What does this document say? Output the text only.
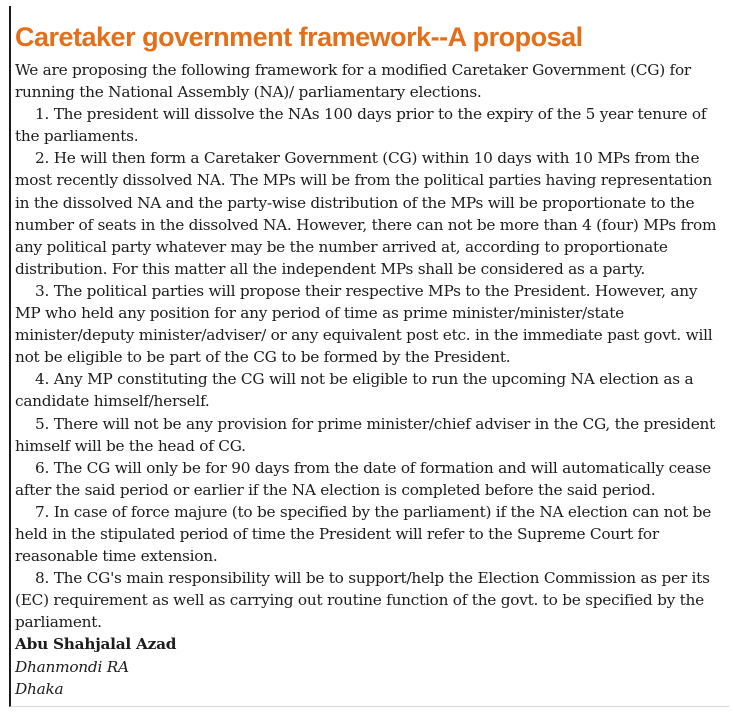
Caretaker government framework--A proposal

We are proposing the following framework for a modified Caretaker Government (CG) for running the National Assembly (NA)/ parliamentary elections.

1. The president will dissolve the NAs 100 days prior to the expiry of the 5 year tenure of the parliaments.

2. He will then form a Caretaker Government (CG) within 10 days with 10 MPs from the most recently dissolved NA. The MPs will be from the political parties having representation in the dissolved NA and the party-wise distribution of the MPs will be proportionate to the number of seats in the dissolved NA. However, there can not be more than 4 (four) MPs from any political party whatever may be the number arrived at, according to proportionate distribution. For this matter all the independent MPs shall be considered as a party.

3. The political parties will propose their respective MPs to the President. However, any MP who held any position for any period of time as prime minister/minister/state minister/deputy minister/adviser/ or any equivalent post etc. in the immediate past govt. will not be eligible to be part of the CG to be formed by the President.

4. Any MP constituting the CG will not be eligible to run the upcoming NA election as a candidate himself/herself.

5. There will not be any provision for prime minister/chief adviser in the CG, the president himself will be the head of CG.

6. The CG will only be for 90 days from the date of formation and will automatically cease after the said period or earlier if the NA election is completed before the said period.

7. In case of force majure (to be specified by the parliament) if the NA election can not be held in the stipulated period of time the President will refer to the Supreme Court for reasonable time extension.

8. The CG's main responsibility will be to support/help the Election Commission as per its (EC) requirement as well as carrying out routine function of the govt. to be specified by the parliament.

Abu Shahjalal Azad

Dhanmondi RA

Dhaka
